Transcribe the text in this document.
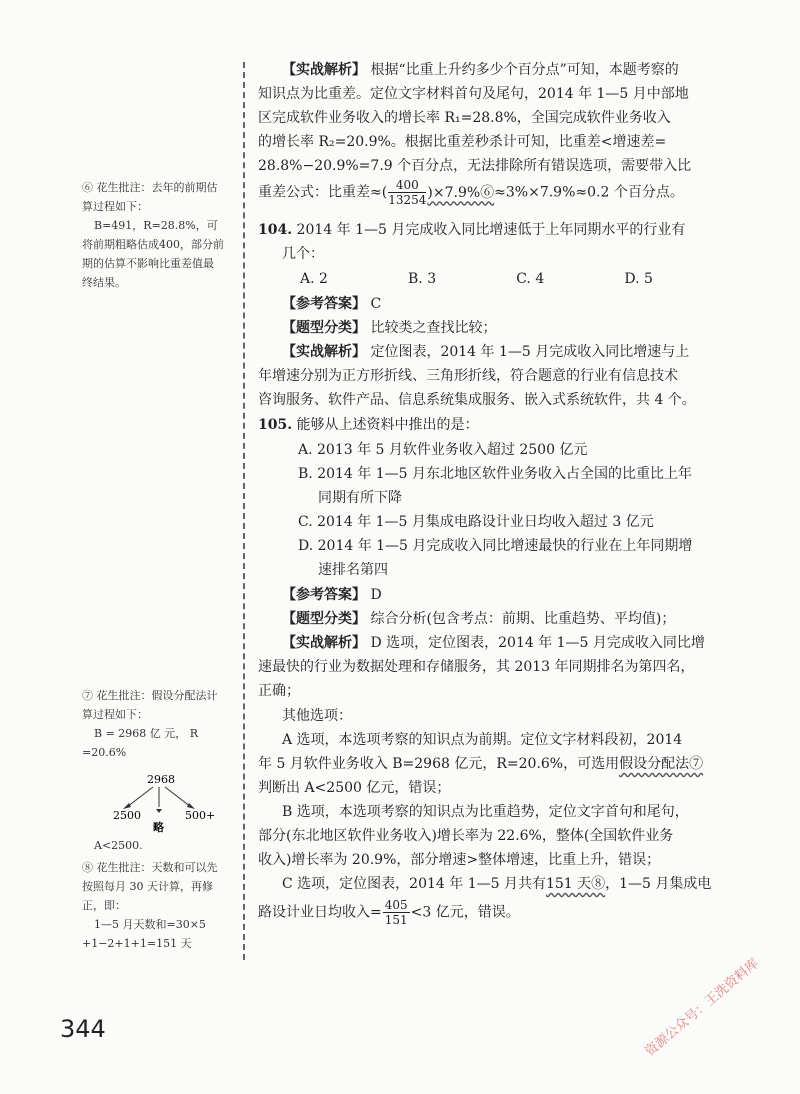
⑥ 花生批注：去年的前期估

算过程如下：

B=491，R=28.8%，可

将前期粗略估成400，部分前

期的估算不影响比重差值最

终结果。

⑦ 花生批注：假设分配法计

算过程如下：

B = 2968 亿 元， R

=20.6%

2968
2500
略
500+

A<2500.

⑧ 花生批注：天数和可以先

按照每月 30 天计算，再修

正，即：

1—5 月天数和=30×5

+1−2+1+1=151 天

【实战解析】 根据“比重上升约多少个百分点”可知，本题考察的
知识点为比重差。定位文字材料首句及尾句，2014 年 1—5 月中部地
区完成软件业务收入的增长率 R₁=28.8%，全国完成软件业务收入
的增长率 R₂=20.9%。根据比重差秒杀计可知，比重差<增速差=
28.8%−20.9%=7.9 个百分点，无法排除所有错误选项，需要带入比
重差公式：比重差≈( $\frac{400}{13254}$ )×7.9%⑥≈3%×7.9%≈0.2 个百分点。
104. 2014 年 1—5 月完成收入同比增速低于上年同期水平的行业有
几个：
A. 2                  B. 3                  C. 4                  D. 5
【参考答案】 C
【题型分类】 比较类之查找比较；
【实战解析】 定位图表，2014 年 1—5 月完成收入同比增速与上
年增速分别为正方形折线、三角形折线，符合题意的行业有信息技术
咨询服务、软件产品、信息系统集成服务、嵌入式系统软件，共 4 个。
105. 能够从上述资料中推出的是：
A. 2013 年 5 月软件业务收入超过 2500 亿元
B. 2014 年 1—5 月东北地区软件业务收入占全国的比重比上年
同期有所下降
C. 2014 年 1—5 月集成电路设计业日均收入超过 3 亿元
D. 2014 年 1—5 月完成收入同比增速最快的行业在上年同期增
速排名第四
【参考答案】 D
【题型分类】 综合分析(包含考点：前期、比重趋势、平均值)；
【实战解析】 D 选项，定位图表，2014 年 1—5 月完成收入同比增
速最快的行业为数据处理和存储服务，其 2013 年同期排名为第四名，
正确；
其他选项：
A 选项，本选项考察的知识点为前期。定位文字材料段初，2014
年 5 月软件业务收入 B=2968 亿元，R=20.6%，可选用假设分配法⑦
判断出 A<2500 亿元，错误；
B 选项，本选项考察的知识点为比重趋势，定位文字首句和尾句，
部分(东北地区软件业务收入)增长率为 22.6%，整体(全国软件业务
收入)增长率为 20.9%，部分增速>整体增速，比重上升，错误；
C 选项，定位图表，2014 年 1—5 月共有151 天⑧，1—5 月集成电
路设计业日均收入= $\frac{405}{151} <3$ 亿元，错误。
344	资源公众号：王洗资料库
